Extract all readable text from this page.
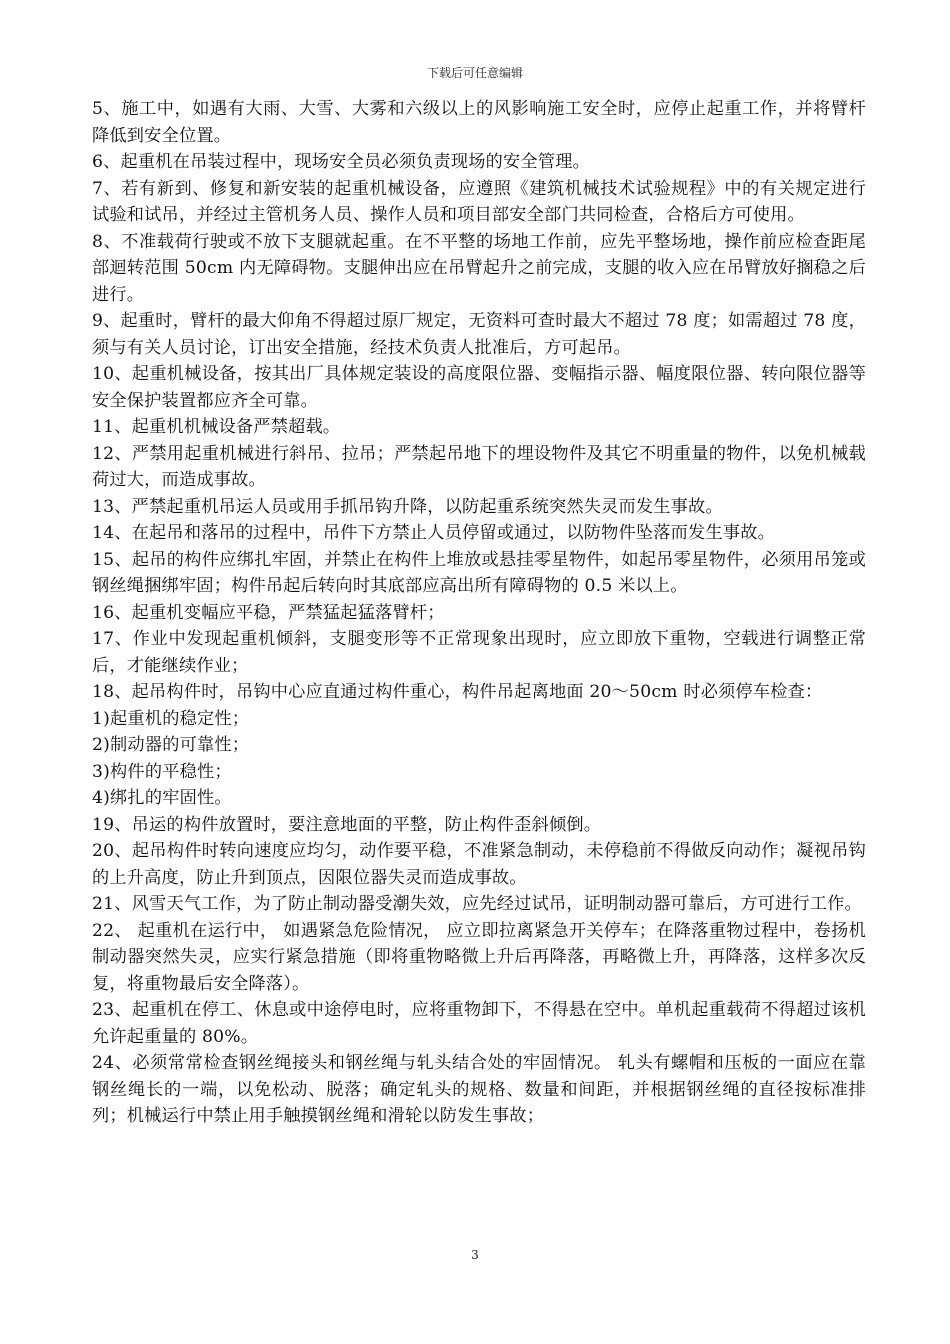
下载后可任意编辑

5、施工中，如遇有大雨、大雪、大雾和六级以上的风影响施工安全时，应停止起重工作，并将臂杆降低到安全位置。

6、起重机在吊装过程中，现场安全员必须负责现场的安全管理。

7、若有新到、修复和新安装的起重机械设备，应遵照《建筑机械技术试验规程》中的有关规定进行试验和试吊，并经过主管机务人员、操作人员和项目部安全部门共同检查，合格后方可使用。

8、不准载荷行驶或不放下支腿就起重。在不平整的场地工作前，应先平整场地，操作前应检查距尾部迴转范围 50cm 内无障碍物。支腿伸出应在吊臂起升之前完成，支腿的收入应在吊臂放好搁稳之后进行。

9、起重时，臂杆的最大仰角不得超过原厂规定，无资料可查时最大不超过 78 度；如需超过 78 度，须与有关人员讨论，订出安全措施，经技术负责人批准后，方可起吊。

10、起重机械设备，按其出厂具体规定装设的高度限位器、变幅指示器、幅度限位器、转向限位器等安全保护装置都应齐全可靠。

11、起重机机械设备严禁超载。

12、严禁用起重机械进行斜吊、拉吊；严禁起吊地下的埋设物件及其它不明重量的物件，以免机械载荷过大，而造成事故。

13、严禁起重机吊运人员或用手抓吊钩升降，以防起重系统突然失灵而发生事故。

14、在起吊和落吊的过程中，吊件下方禁止人员停留或通过，以防物件坠落而发生事故。

15、起吊的构件应绑扎牢固，并禁止在构件上堆放或悬挂零星物件，如起吊零星物件，必须用吊笼或钢丝绳捆绑牢固；构件吊起后转向时其底部应高出所有障碍物的 0.5 米以上。

16、起重机变幅应平稳，严禁猛起猛落臂杆；

17、作业中发现起重机倾斜，支腿变形等不正常现象出现时，应立即放下重物，空载进行调整正常后，才能继续作业；

18、起吊构件时，吊钩中心应直通过构件重心，构件吊起离地面 20～50cm 时必须停车检查：

1)起重机的稳定性；

2)制动器的可靠性；

3)构件的平稳性；

4)绑扎的牢固性。

19、吊运的构件放置时，要注意地面的平整，防止构件歪斜倾倒。

20、起吊构件时转向速度应均匀，动作要平稳，不准紧急制动，未停稳前不得做反向动作；凝视吊钩的上升高度，防止升到顶点，因限位器失灵而造成事故。

21、风雪天气工作，为了防止制动器受潮失效，应先经过试吊，证明制动器可靠后，方可进行工作。

22、 起重机在运行中， 如遇紧急危险情况， 应立即拉离紧急开关停车；在降落重物过程中，卷扬机制动器突然失灵，应实行紧急措施（即将重物略微上升后再降落，再略微上升，再降落，这样多次反复，将重物最后安全降落）。

23、起重机在停工、休息或中途停电时，应将重物卸下，不得悬在空中。单机起重载荷不得超过该机允许起重量的 80%。

24、必须常常检查钢丝绳接头和钢丝绳与轧头结合处的牢固情况。 轧头有螺帽和压板的一面应在靠钢丝绳长的一端，以免松动、脱落；确定轧头的规格、数量和间距，并根据钢丝绳的直径按标准排列；机械运行中禁止用手触摸钢丝绳和滑轮以防发生事故；

3
